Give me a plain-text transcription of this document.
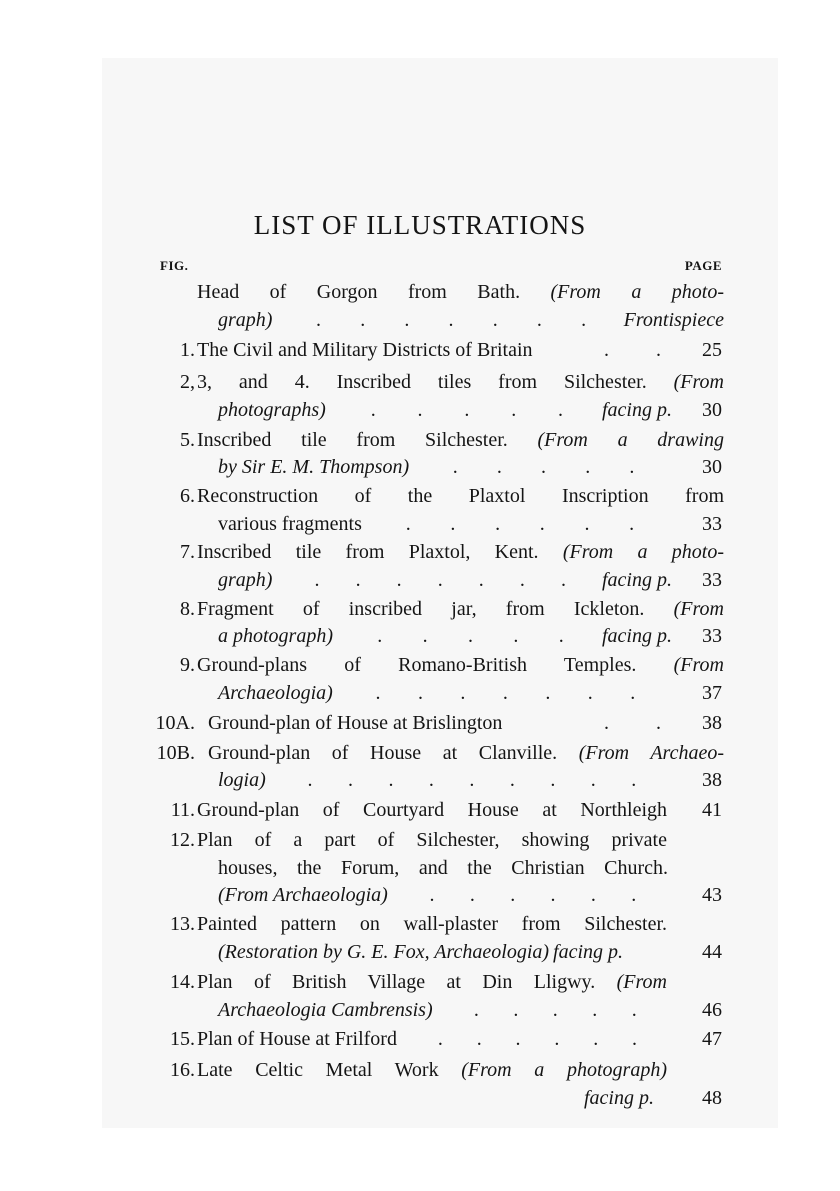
LIST OF ILLUSTRATIONS
FIG.	PAGE
Head of Gorgon from Bath. (From a photo-
graph) . . . . . . . Frontispiece
1. The Civil and Military Districts of Britain	. . 25
2, 3, and 4. Inscribed tiles from Silchester. (From
photographs) . . . . . facing p. 30
5. Inscribed tile from Silchester. (From a drawing
by Sir E. M. Thompson) . . . . .	30
6. Reconstruction of the Plaxtol Inscription from
various fragments . . . . . .	33
7. Inscribed tile from Plaxtol, Kent. (From a photo-
graph) . . . . . . . facing p. 33
8. Fragment of inscribed jar, from Ickleton. (From
a photograph) . . . . . facing p. 33
9. Ground-plans of Romano-British Temples. (From
Archaeologia) . . . . . . .	37
10A. Ground-plan of House at Brislington	. . 38
10B. Ground-plan of House at Clanville. (From Archaeo-
logia) . . . . . . . . .	38
11. Ground-plan of Courtyard House at Northleigh 41
12. Plan of a part of Silchester, showing private
houses, the Forum, and the Christian Church.
(From Archaeologia) . . . . . .	43
13. Painted pattern on wall-plaster from Silchester.
(Restoration by G. E. Fox, Archaeologia) facing p.	44
14. Plan of British Village at Din Lligwy. (From
Archaeologia Cambrensis) . . . . .	46
15. Plan of House at Frilford . . . . . .	47
16. Late Celtic Metal Work (From a photograph)
facing p. 48
